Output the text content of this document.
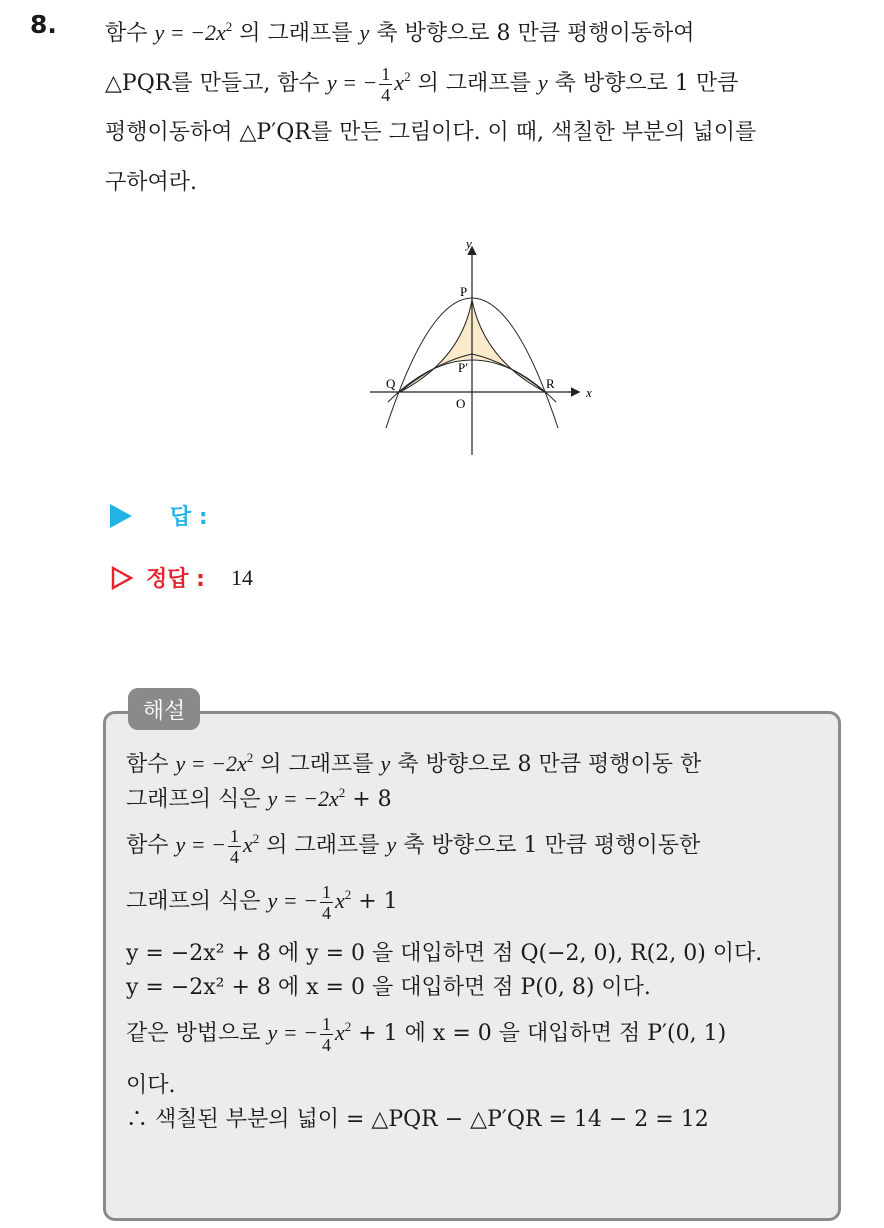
8. 함수 $y = -2x^2$ 의 그래프를 y 축 방향으로 8 만큼 평행이동하여
△PQR를 만들고, 함수 y = − $\frac{1}{4} x^2$ 의 그래프를 y 축 방향으로 1 만큼
평행이동하여 △P′QR를 만든 그림이다. 이 때, 색칠한 부분의 넓이를
구하여라.
y
x
P
P′
Q	R
O
답 :
정답 : 14
해설
함수 $y = -2x^2$ 의 그래프를 y 축 방향으로 8 만큼 평행이동 한
그래프의 식은 $y = -2x^2 + 8$
함수 y = − $\frac{1}{4} x^2$ 의 그래프를 y 축 방향으로 1 만큼 평행이동한
그래프의 식은 y = − $\frac{1}{4} x^2 + 1$
y = −2x² + 8 에 y = 0 을 대입하면 점 Q(−2, 0), R(2, 0) 이다.
y = −2x² + 8 에 x = 0 을 대입하면 점 P(0, 8) 이다.
같은 방법으로 y = − $\frac{1}{4} x^2 + 1$ 에 x = 0 을 대입하면 점 P′(0, 1)
이다.
∴ 색칠된 부분의 넓이 = △PQR − △P′QR = 14 − 2 = 12
